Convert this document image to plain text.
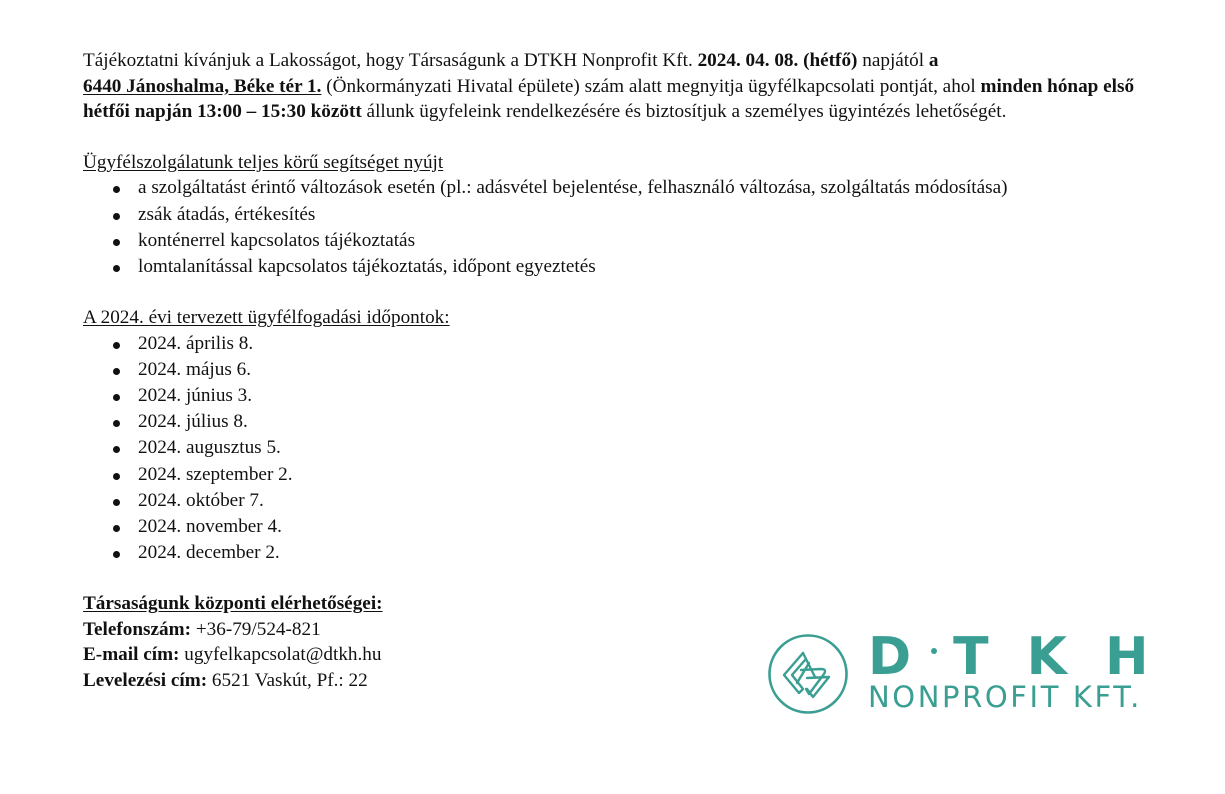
Tájékoztatni kívánjuk a Lakosságot, hogy Társaságunk a DTKH Nonprofit Kft. 2024. 04. 08. (hétfő) napjától a
6440 Jánoshalma, Béke tér 1. (Önkormányzati Hivatal épülete) szám alatt megnyitja ügyfélkapcsolati pontját, ahol minden hónap első hétfői napján 13:00 – 15:30 között állunk ügyfeleink rendelkezésére és biztosítjuk a személyes ügyintézés lehetőségét.

Ügyfélszolgálatunk teljes körű segítséget nyújt

a szolgáltatást érintő változások esetén (pl.: adásvétel bejelentése, felhasználó változása, szolgáltatás módosítása)
zsák átadás, értékesítés
konténerrel kapcsolatos tájékoztatás
lomtalanítással kapcsolatos tájékoztatás, időpont egyeztetés

A 2024. évi tervezett ügyfélfogadási időpontok:

2024. április 8.
2024. május 6.
2024. június 3.
2024. július 8.
2024. augusztus 5.
2024. szeptember 2.
2024. október 7.
2024. november 4.
2024. december 2.

Társaságunk központi elérhetőségei:

Telefonszám: +36-79/524-821

E-mail cím: ugyfelkapcsolat@dtkh.hu

Levelezési cím: 6521 Vaskút, Pf.: 22	D T K H
NONPROFIT KFT.
